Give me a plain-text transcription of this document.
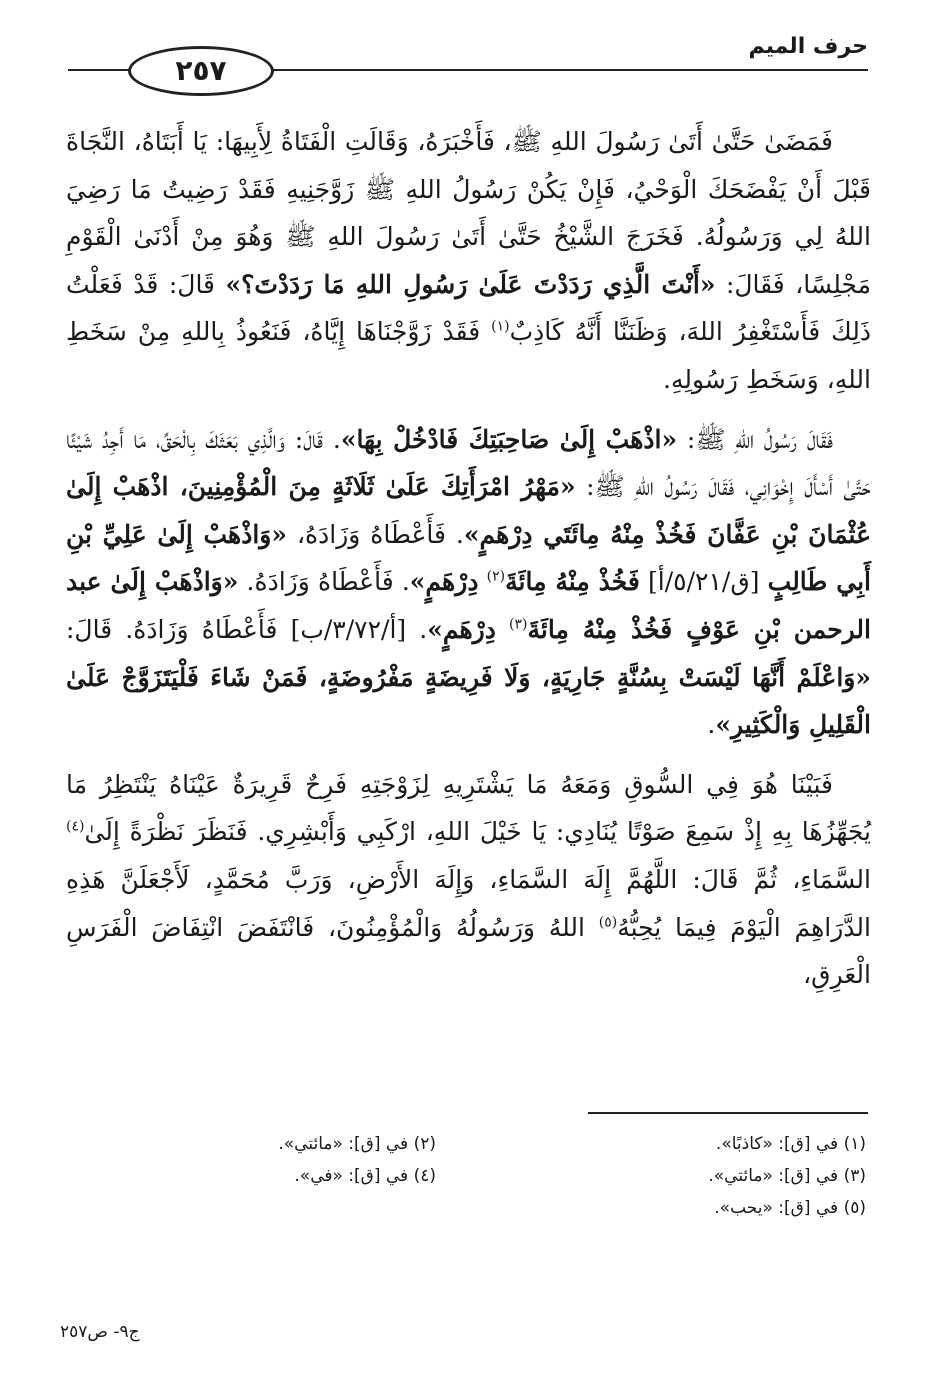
٢٥٧
حرف الميم

فَمَضَىٰ حَتَّىٰ أَتَىٰ رَسُولَ اللهِ ﷺ، فَأَخْبَرَهُ، وَقَالَتِ الْفَتَاةُ لِأَبِيهَا: يَا أَبَتَاهُ، النَّجَاةَ قَبْلَ أَنْ يَفْضَحَكَ الْوَحْيُ، فَإِنْ يَكُنْ رَسُولُ اللهِ ﷺ زَوَّجَنِيهِ فَقَدْ رَضِيتُ مَا رَضِيَ اللهُ لِي وَرَسُولُهُ. فَخَرَجَ الشَّيْخُ حَتَّىٰ أَتَىٰ رَسُولَ اللهِ ﷺ وَهُوَ مِنْ أَدْنَىٰ الْقَوْمِ مَجْلِسًا، فَقَالَ: «أَنْتَ الَّذِي رَدَدْتَ عَلَىٰ رَسُولِ اللهِ مَا رَدَدْتَ؟» قَالَ: قَدْ فَعَلْتُ ذَلِكَ فَأَسْتَغْفِرُ اللهَ، وَظَنَنَّا أَنَّهُ كَاذِبٌ$^{(١)}$ فَقَدْ زَوَّجْنَاهَا إِيَّاهُ، فَنَعُوذُ بِاللهِ مِنْ سَخَطِ اللهِ، وَسَخَطِ رَسُولِهِ.

فَقَالَ رَسُولُ اللهِ ﷺ: «اذْهَبْ إِلَىٰ صَاحِبَتِكَ فَادْخُلْ بِهَا». قَالَ: وَالَّذِي بَعَثَكَ بِالْحَقِّ، مَا أَجِدُ شَيْئًا حَتَّىٰ أَسْأَلَ إِخْوَانِي، فَقَالَ رَسُولُ اللهِ ﷺ: «مَهْرُ امْرَأَتِكَ عَلَىٰ ثَلَاثَةٍ مِنَ الْمُؤْمِنِينَ، اذْهَبْ إِلَىٰ عُثْمَانَ بْنِ عَفَّانَ فَخُذْ مِنْهُ مِائَتَي دِرْهَمٍ». فَأَعْطَاهُ وَزَادَهُ، «وَاذْهَبْ إِلَىٰ عَلِيِّ بْنِ أَبِي طَالِبٍ [ق/٥/٢١/أ] فَخُذْ مِنْهُ مِائَةَ$^{(٢)}$ دِرْهَمٍ». فَأَعْطَاهُ وَزَادَهُ. «وَاذْهَبْ إِلَىٰ عبد الرحمن بْنِ عَوْفٍ فَخُذْ مِنْهُ مِائَةَ$^{(٣)}$ دِرْهَمٍ». [أ/٣/٧٢/ب] فَأَعْطَاهُ وَزَادَهُ. قَالَ: «وَاعْلَمْ أَنَّهَا لَيْسَتْ بِسُنَّةٍ جَارِيَةٍ، وَلَا فَرِيضَةٍ مَفْرُوضَةٍ، فَمَنْ شَاءَ فَلْيَتَزَوَّجْ عَلَىٰ الْقَلِيلِ وَالْكَثِيرِ».

فَبَيْنَا هُوَ فِي السُّوقِ وَمَعَهُ مَا يَشْتَرِيهِ لِزَوْجَتِهِ فَرِحٌ قَرِيرَةٌ عَيْنَاهُ يَنْتَظِرُ مَا يُجَهِّزُهَا بِهِ إِذْ سَمِعَ صَوْتًا يُنَادِي: يَا خَيْلَ اللهِ، ارْكَبِي وَأَبْشِرِي. فَنَظَرَ نَظْرَةً إِلَىٰ$^{(٤)}$ السَّمَاءِ، ثُمَّ قَالَ: اللَّهُمَّ إِلَهَ السَّمَاءِ، وَإِلَهَ الأَرْضِ، وَرَبَّ مُحَمَّدٍ، لَأَجْعَلَنَّ هَذِهِ الدَّرَاهِمَ الْيَوْمَ فِيمَا يُحِبُّهُ$^{(٥)}$ اللهُ وَرَسُولُهُ وَالْمُؤْمِنُونَ، فَانْتَفَضَ انْتِفَاضَ الْفَرَسِ الْعَرِقِ،

(١) في [ق]: «كاذبًا».
(٢) في [ق]: «مائتي».
(٣) في [ق]: «مائتي».
(٤) في [ق]: «في».
(٥) في [ق]: «يحب».
ج٩- ص٢٥٧
